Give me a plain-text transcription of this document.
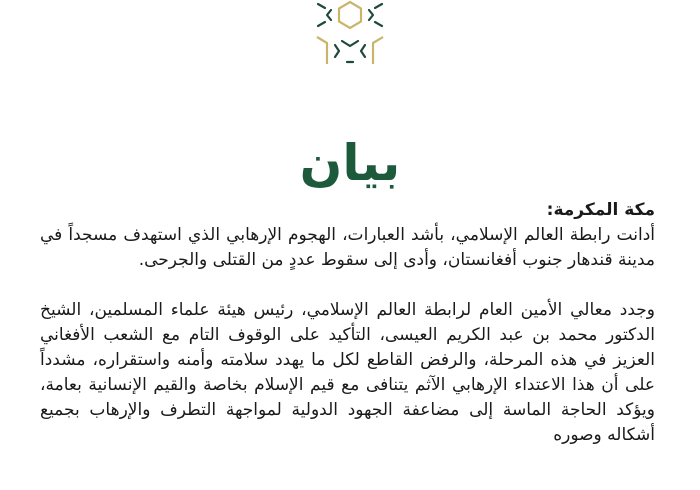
بيان

مكة المكرمة:

أدانت رابطة العالم الإسلامي، بأشد العبارات، الهجوم الإرهابي الذي استهدف مسجداً في مدينة قندهار جنوب أفغانستان، وأدى إلى سقوط عددٍ من القتلى والجرحى.

وجدد معالي الأمين العام لرابطة العالم الإسلامي، رئيس هيئة علماء المسلمين، الشيخ الدكتور محمد بن عبد الكريم العيسى، التأكيد على الوقوف التام مع الشعب الأفغاني العزيز في هذه المرحلة، والرفض القاطع لكل ما يهدد سلامته وأمنه واستقراره، مشدداً على أن هذا الاعتداء الإرهابي الآثم يتنافى مع قيم الإسلام بخاصة والقيم الإنسانية بعامة، ويؤكد الحاجة الماسة إلى مضاعفة الجهود الدولية لمواجهة التطرف والإرهاب بجميع أشكاله وصوره
